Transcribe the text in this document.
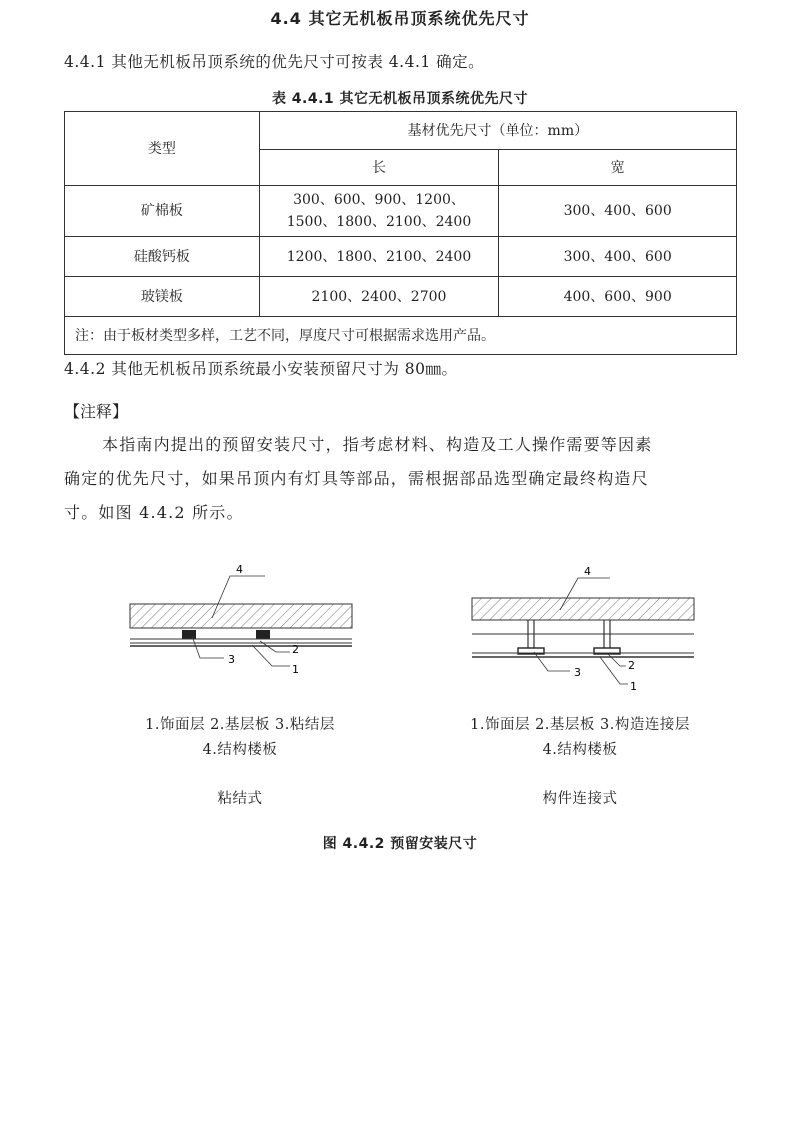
4.4 其它无机板吊顶系统优先尺寸
4.4.1 其他无机板吊顶系统的优先尺寸可按表 4.4.1 确定。
表 4.4.1 其它无机板吊顶系统优先尺寸
类型	基材优先尺寸（单位：mm）	
	长	宽
矿棉板	300、600、900、1200、
1500、1800、2100、2400	300、400、600
硅酸钙板	1200、1800、2100、2400	300、400、600
玻镁板	2100、2400、2700	400、600、900
注：由于板材类型多样，工艺不同，厚度尺寸可根据需求选用产品。		
4.4.2 其他无机板吊顶系统最小安装预留尺寸为 80㎜。
【注释】
本指南内提出的预留安装尺寸，指考虑材料、构造及工人操作需要等因素
确定的优先尺寸，如果吊顶内有灯具等部品，需根据部品选型确定最终构造尺
寸。如图 4.4.2 所示。
4
3
2
1
4
3
2
1
1.饰面层 2.基层板 3.粘结层
4.结构楼板
粘结式
1.饰面层 2.基层板 3.构造连接层
4.结构楼板
构件连接式
图 4.4.2 预留安装尺寸
